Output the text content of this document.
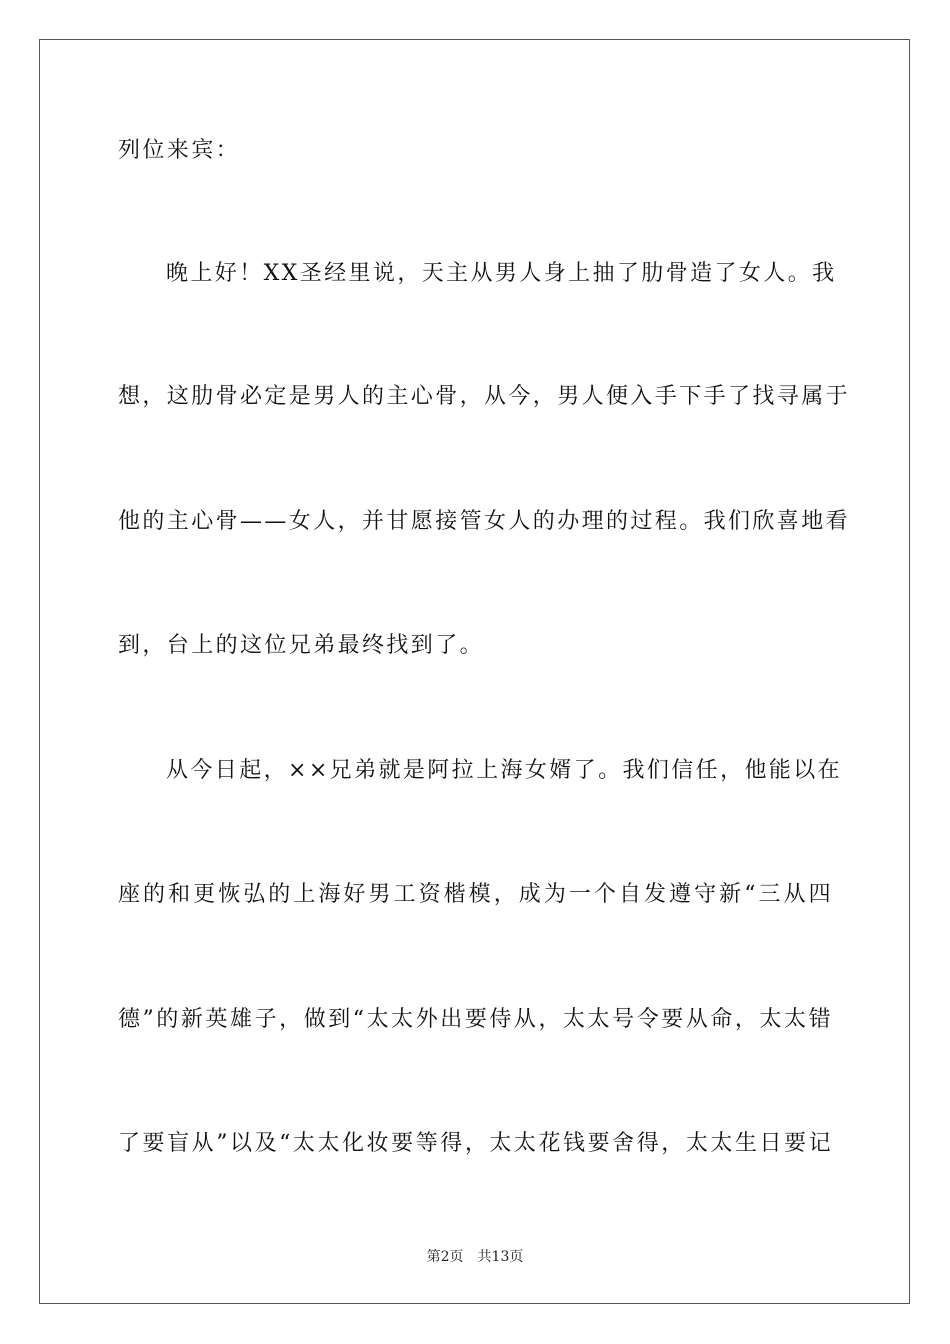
列位来宾：
晚上好！XX圣经里说，天主从男人身上抽了肋骨造了女人。我
想，这肋骨必定是男人的主心骨，从今，男人便入手下手了找寻属于
他的主心骨——女人，并甘愿接管女人的办理的过程。我们欣喜地看
到，台上的这位兄弟最终找到了。
从今日起，××兄弟就是阿拉上海女婿了。我们信任，他能以在
座的和更恢弘的上海好男工资楷模，成为一个自发遵守新“三从四
德”的新英雄子，做到“太太外出要侍从，太太号令要从命，太太错
了要盲从”以及“太太化妆要等得，太太花钱要舍得，太太生日要记
第2页 共13页
